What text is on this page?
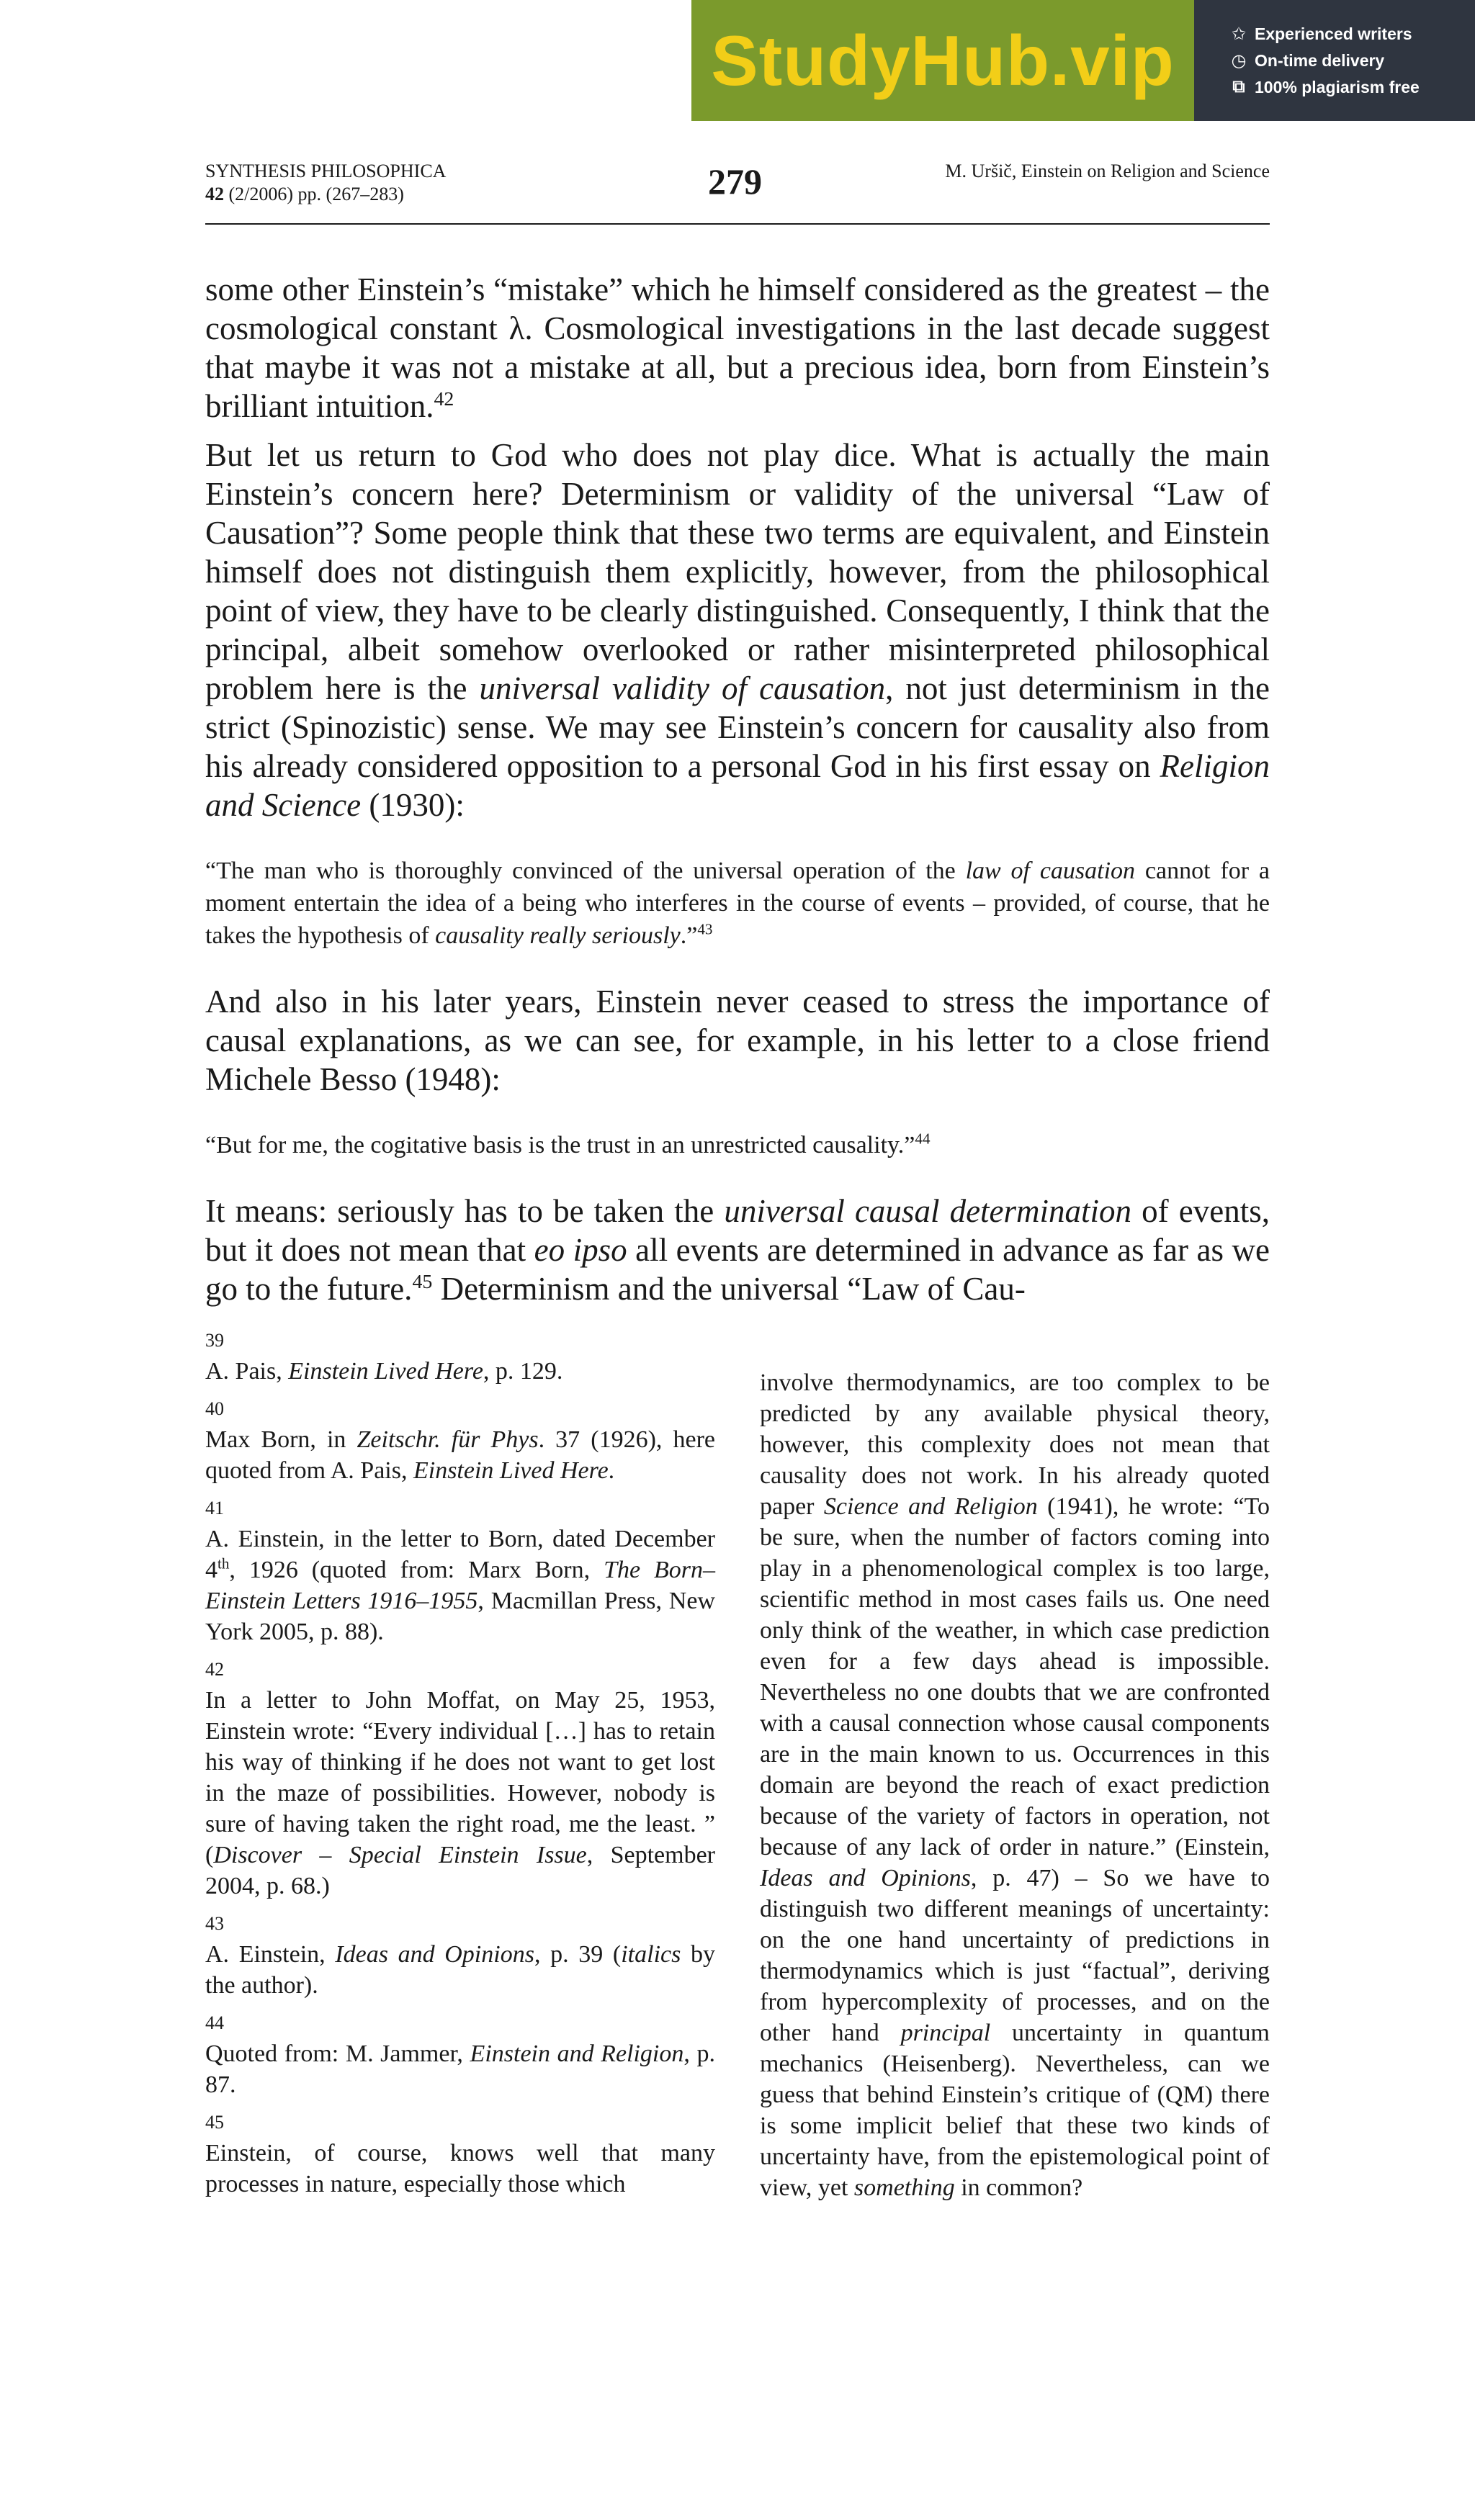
StudyHub.vip	✩ Experienced writers
◷ On-time delivery
⧉ 100% plagiarism free
SYNTHESIS PHILOSOPHICA
42 (2/2006) pp. (267–283)	279	M. Uršič, Einstein on Religion and Science

some other Einstein’s “mistake” which he himself considered as the greatest – the cosmological constant λ. Cosmological investigations in the last decade suggest that maybe it was not a mistake at all, but a precious idea, born from Einstein’s brilliant intuition.$^{42}$

But let us return to God who does not play dice. What is actually the main Einstein’s concern here? Determinism or validity of the universal “Law of Causation”? Some people think that these two terms are equivalent, and Einstein himself does not distinguish them explicitly, however, from the philosophical point of view, they have to be clearly distinguished. Consequently, I think that the principal, albeit somehow overlooked or rather misinterpreted philosophical problem here is the universal validity of causation, not just determinism in the strict (Spinozistic) sense. We may see Einstein’s concern for causality also from his already considered opposition to a personal God in his first essay on Religion and Science (1930):

“The man who is thoroughly convinced of the universal operation of the law of causation cannot for a moment entertain the idea of a being who interferes in the course of events – provided, of course, that he takes the hypothesis of causality really seriously.”$^{43}$

And also in his later years, Einstein never ceased to stress the importance of causal explanations, as we can see, for example, in his letter to a close friend Michele Besso (1948):

“But for me, the cogitative basis is the trust in an unrestricted causality.”$^{44}$

It means: seriously has to be taken the universal causal determination of events, but it does not mean that eo ipso all events are determined in advance as far as we go to the future.$^{45}$ Determinism and the universal “Law of Cau-

39
A. Pais, Einstein Lived Here, p. 129.
40
Max Born, in Zeitschr. für Phys. 37 (1926), here quoted from A. Pais, Einstein Lived Here.
41
A. Einstein, in the letter to Born, dated December 4th, 1926 (quoted from: Marx Born, The Born–Einstein Letters 1916–1955, Macmillan Press, New York 2005, p. 88).
42
In a letter to John Moffat, on May 25, 1953, Einstein wrote: “Every individual […] has to retain his way of thinking if he does not want to get lost in the maze of possibilities. However, nobody is sure of having taken the right road, me the least. ” (Discover – Special Einstein Issue, September 2004, p. 68.)
43
A. Einstein, Ideas and Opinions, p. 39 (italics by the author).
44
Quoted from: M. Jammer, Einstein and Religion, p. 87.
45
Einstein, of course, knows well that many processes in nature, especially those which
involve thermodynamics, are too complex to be predicted by any available physical theory, however, this complexity does not mean that causality does not work. In his already quoted paper Science and Religion (1941), he wrote: “To be sure, when the number of factors coming into play in a phenomenological complex is too large, scientific method in most cases fails us. One need only think of the weather, in which case prediction even for a few days ahead is impossible. Nevertheless no one doubts that we are confronted with a causal connection whose causal components are in the main known to us. Occurrences in this domain are beyond the reach of exact prediction because of the variety of factors in operation, not because of any lack of order in nature.” (Einstein, Ideas and Opinions, p. 47) – So we have to distinguish two different meanings of uncertainty: on the one hand uncertainty of predictions in thermodynamics which is just “factual”, deriving from hypercomplexity of processes, and on the other hand principal uncertainty in quantum mechanics (Heisenberg). Nevertheless, can we guess that behind Einstein’s critique of (QM) there is some implicit belief that these two kinds of uncertainty have, from the epistemological point of view, yet something in common?
